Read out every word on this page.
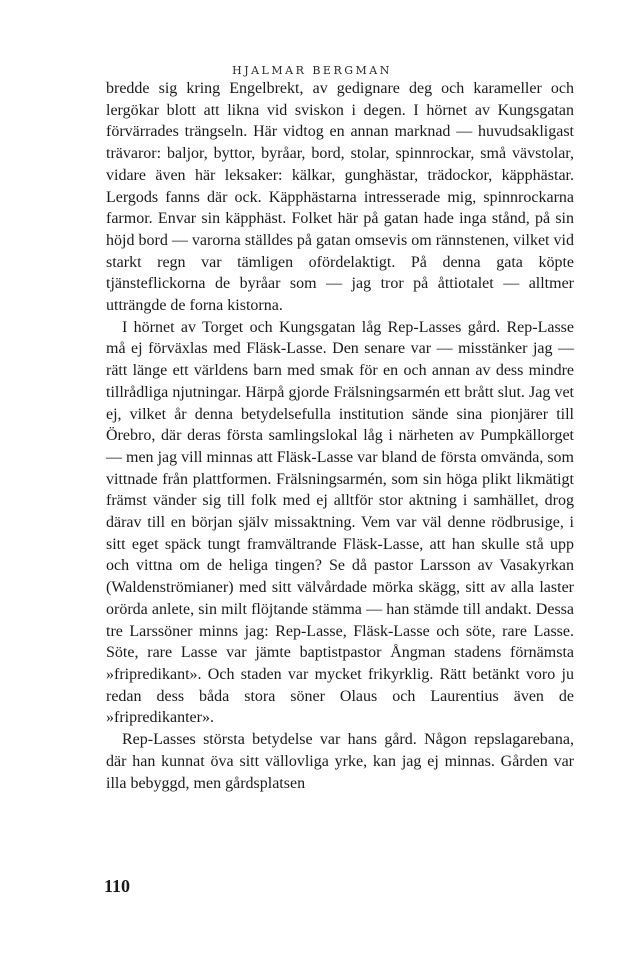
HJALMAR BERGMAN

bredde sig kring Engelbrekt, av gedignare deg och karameller och lergökar blott att likna vid sviskon i degen. I hörnet av Kungsgatan förvärrades trängseln. Här vidtog en annan marknad — huvudsakligast trävaror: baljor, byttor, byråar, bord, stolar, spinnrockar, små vävstolar, vidare även här leksaker: kälkar, gunghästar, trädockor, käpphästar. Lergods fanns där ock. Käpphästarna intresserade mig, spinnrockarna farmor. Envar sin käpphäst. Folket här på gatan hade inga stånd, på sin höjd bord — varorna ställdes på gatan omsevis om rännstenen, vilket vid starkt regn var tämligen ofördelaktigt. På denna gata köpte tjänsteflickorna de byråar som — jag tror på åttiotalet — alltmer utträngde de forna kistorna.

I hörnet av Torget och Kungsgatan låg Rep-Lasses gård. Rep-Lasse må ej förväxlas med Fläsk-Lasse. Den senare var — misstänker jag — rätt länge ett världens barn med smak för en och annan av dess mindre tillrådliga njutningar. Härpå gjorde Frälsningsarmén ett brått slut. Jag vet ej, vilket år denna betydelsefulla institution sände sina pionjärer till Örebro, där deras första samlingslokal låg i närheten av Pumpkällorget — men jag vill minnas att Fläsk-Lasse var bland de första omvända, som vittnade från plattformen. Frälsningsarmén, som sin höga plikt likmätigt främst vänder sig till folk med ej alltför stor aktning i samhället, drog därav till en början själv missaktning. Vem var väl denne rödbrusige, i sitt eget späck tungt framvältrande Fläsk-Lasse, att han skulle stå upp och vittna om de heliga tingen? Se då pastor Larsson av Vasakyrkan (Waldenströmianer) med sitt välvårdade mörka skägg, sitt av alla laster orörda anlete, sin milt flöjtande stämma — han stämde till andakt. Dessa tre Larssöner minns jag: Rep-Lasse, Fläsk-Lasse och söte, rare Lasse. Söte, rare Lasse var jämte baptistpastor Ångman stadens förnämsta »fripredikant». Och staden var mycket frikyrklig. Rätt betänkt voro ju redan dess båda stora söner Olaus och Laurentius även de »fripredikanter».

Rep-Lasses största betydelse var hans gård. Någon repslagarebana, där han kunnat öva sitt vällovliga yrke, kan jag ej minnas. Gården var illa bebyggd, men gårdsplatsen

110
